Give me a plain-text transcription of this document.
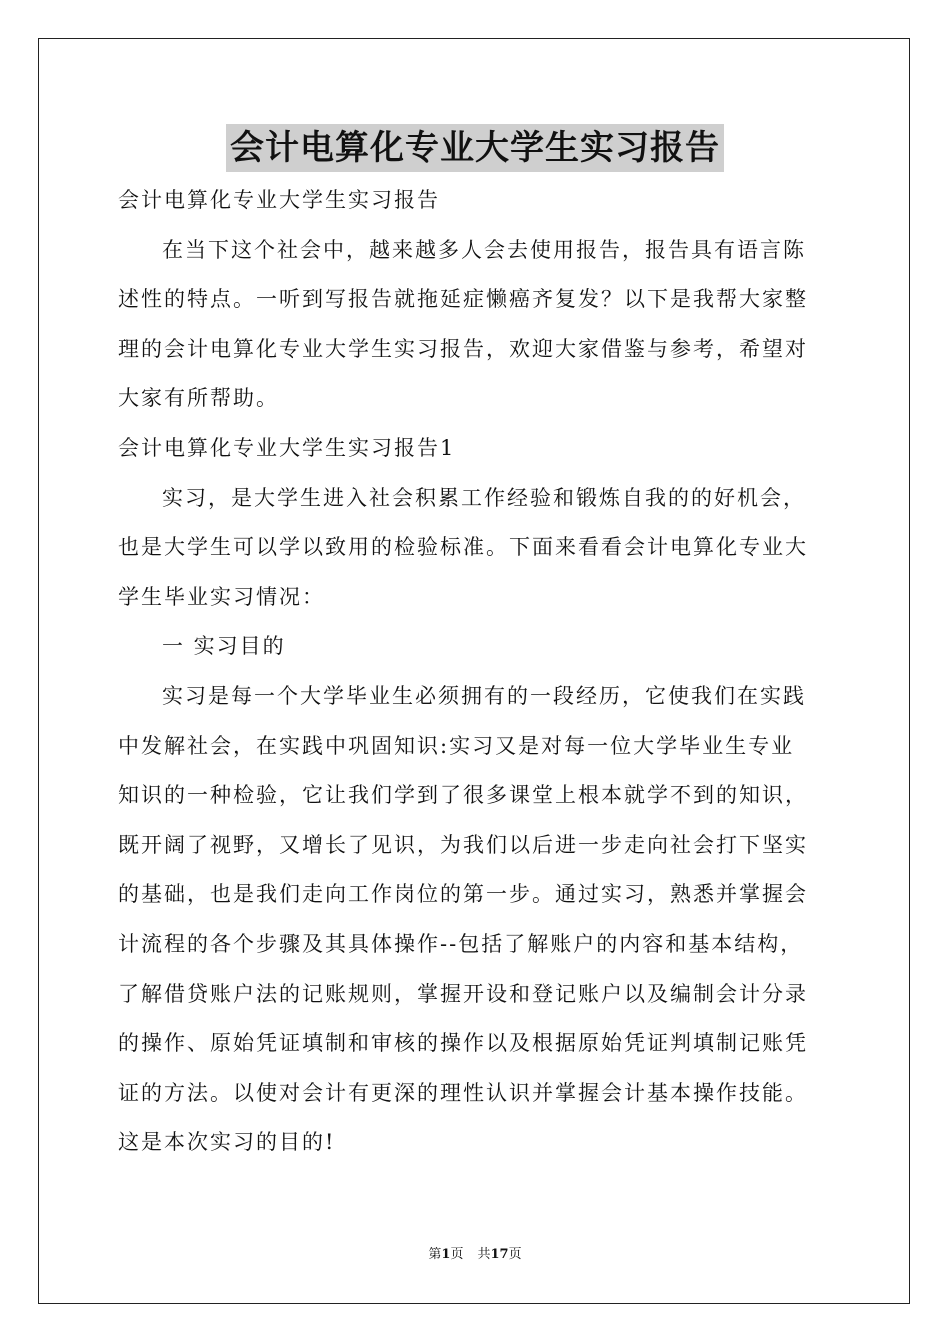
会计电算化专业大学生实习报告
会计电算化专业大学生实习报告
在当下这个社会中，越来越多人会去使用报告，报告具有语言陈
述性的特点。一听到写报告就拖延症懒癌齐复发？以下是我帮大家整
理的会计电算化专业大学生实习报告，欢迎大家借鉴与参考，希望对
大家有所帮助。
会计电算化专业大学生实习报告1
实习，是大学生进入社会积累工作经验和锻炼自我的的好机会，
也是大学生可以学以致用的检验标准。下面来看看会计电算化专业大
学生毕业实习情况：
一 实习目的
实习是每一个大学毕业生必须拥有的一段经历，它使我们在实践
中发解社会，在实践中巩固知识:实习又是对每一位大学毕业生专业
知识的一种检验，它让我们学到了很多课堂上根本就学不到的知识，
既开阔了视野，又增长了见识，为我们以后进一步走向社会打下坚实
的基础，也是我们走向工作岗位的第一步。通过实习，熟悉并掌握会
计流程的各个步骤及其具体操作--包括了解账户的内容和基本结构，
了解借贷账户法的记账规则，掌握开设和登记账户以及编制会计分录
的操作、原始凭证填制和审核的操作以及根据原始凭证判填制记账凭
证的方法。以使对会计有更深的理性认识并掌握会计基本操作技能。
这是本次实习的目的!
第1页 共17页
